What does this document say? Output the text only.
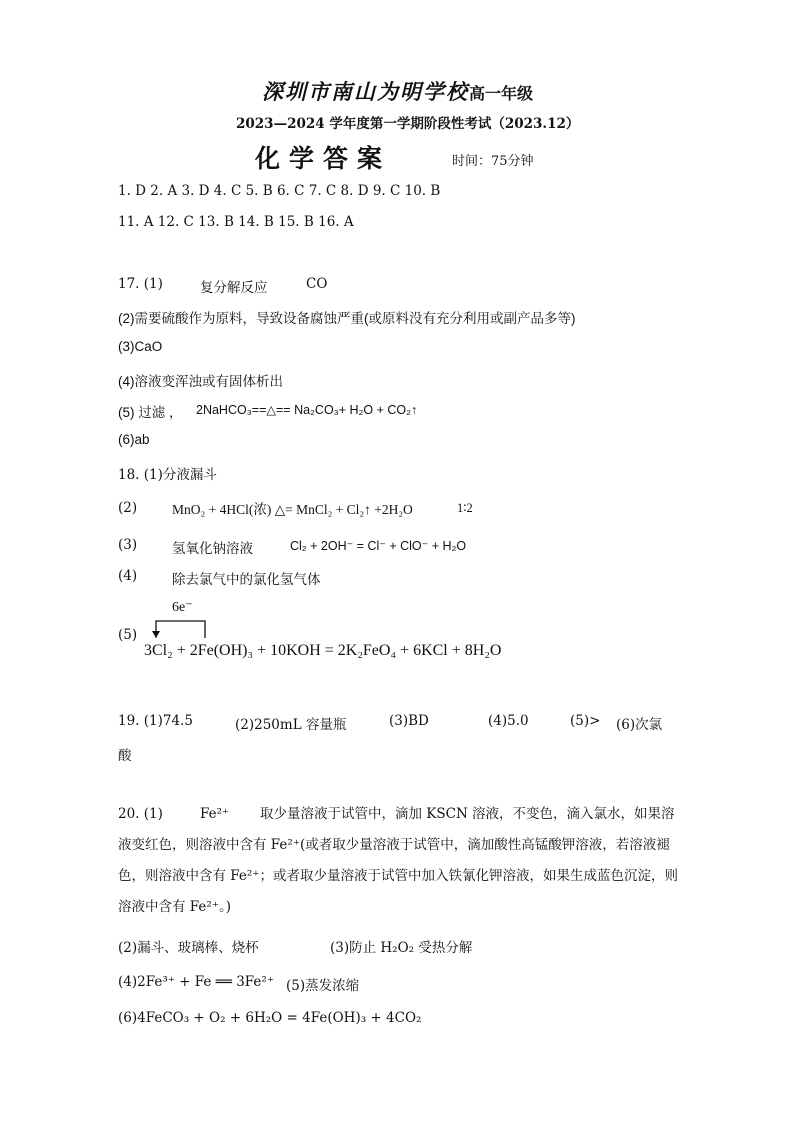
深圳市南山为明学校高一年级
2023—2024 学年度第一学期阶段性考试（2023.12）
化学答案	时间：75分钟
1. D 2. A 3. D 4. C 5. B 6. C 7. C 8. D 9. C 10. B
11. A 12. C 13. B 14. B 15. B 16. A
17. (1)	复分解反应	CO
(2)需要硫酸作为原料，导致设备腐蚀严重(或原料没有充分利用或副产品多等)
(3)CaO
(4)溶液变浑浊或有固体析出
(5) 过滤 ， 2NaHCO₃==△== Na₂CO₃+ H₂O + CO₂↑
(6)ab
18. (1)分液漏斗
(2)	MnO₂ + 4HCl(浓) △= MnCl₂ + Cl₂↑ +2H₂O	1∶2
(3)	氢氧化钠溶液	Cl₂ + 2OH⁻ = Cl⁻ + ClO⁻ + H₂O
(4)	除去氯气中的氯化氢气体
6e⁻
(5)
3Cl₂ + 2Fe(OH)₃ + 10KOH = 2K₂FeO₄ + 6KCl + 8H₂O
19. (1)74.5	(2)250mL 容量瓶	(3)BD	(4)5.0	(5)> (6)次氯
酸
20. (1)	Fe²⁺	取少量溶液于试管中，滴加 KSCN 溶液，不变色，滴入氯水，如果溶液变红色，则溶液中含有 Fe²⁺(或者取少量溶液于试管中，滴加酸性高锰酸钾溶液，若溶液褪色，则溶液中含有 Fe²⁺；或者取少量溶液于试管中加入铁氰化钾溶液，如果生成蓝色沉淀，则溶液中含有 Fe²⁺。)
(2)漏斗、玻璃棒、烧杯	(3)防止 H₂O₂ 受热分解
(4)2Fe³⁺ + Fe ══ 3Fe²⁺ (5)蒸发浓缩
(6)4FeCO₃ + O₂ + 6H₂O = 4Fe(OH)₃ + 4CO₂
